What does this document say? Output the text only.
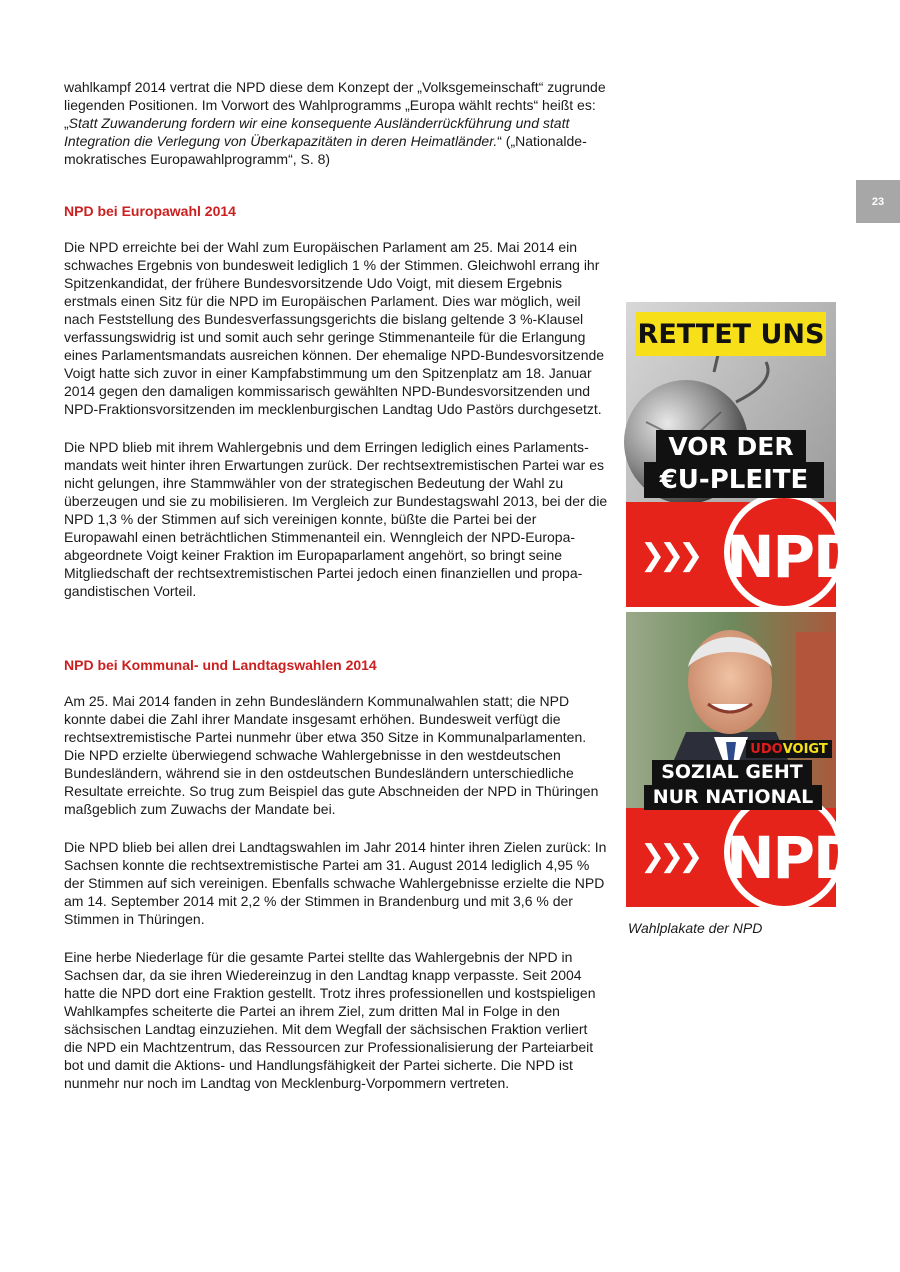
23

wahlkampf 2014 vertrat die NPD diese dem Konzept der „Volksgemeinschaft“ zugrunde liegenden Positionen. Im Vorwort des Wahlprogramms „Europa wählt rechts“ heißt es: „Statt Zuwanderung fordern wir eine konsequente Ausländerrückführung und statt Integration die Verlegung von Überkapazitäten in deren Heimatländer.“ („Nationaldemokratisches Europawahlprogramm“, S. 8)

NPD bei Europawahl 2014

Die NPD erreichte bei der Wahl zum Europäischen Parlament am 25. Mai 2014 ein schwaches Ergebnis von bundesweit lediglich 1 % der Stimmen. Gleichwohl errang ihr Spitzenkandidat, der frühere Bundesvorsitzende Udo Voigt, mit diesem Ergebnis erstmals einen Sitz für die NPD im Europäischen Parlament. Dies war möglich, weil nach Feststellung des Bundesverfassungsgerichts die bislang geltende 3 %-Klausel verfassungswidrig ist und somit auch sehr geringe Stimmenanteile für die Erlangung eines Parlamentsmandats ausreichen können. Der ehemalige NPD-Bundesvorsitzende Voigt hatte sich zuvor in einer Kampfabstimmung um den Spitzenplatz am 18. Januar 2014 gegen den damaligen kommissarisch gewählten NPD-Bundesvorsitzenden und NPD-Fraktionsvorsitzenden im mecklenburgischen Landtag Udo Pastörs durchgesetzt.

Die NPD blieb mit ihrem Wahlergebnis und dem Erringen lediglich eines Parlamentsmandats weit hinter ihren Erwartungen zurück. Der rechtsextremistischen Partei war es nicht gelungen, ihre Stammwähler von der strategischen Bedeutung der Wahl zu überzeugen und sie zu mobilisieren. Im Vergleich zur Bundestagswahl 2013, bei der die NPD 1,3 % der Stimmen auf sich vereinigen konnte, büßte die Partei bei der Europawahl einen beträchtlichen Stimmenanteil ein. Wenngleich der NPD-Europaabgeordnete Voigt keiner Fraktion im Europaparlament angehört, so bringt seine Mitgliedschaft der rechtsextremistischen Partei jedoch einen finanziellen und propagandistischen Vorteil.

NPD bei Kommunal- und Landtagswahlen 2014

Am 25. Mai 2014 fanden in zehn Bundesländern Kommunalwahlen statt; die NPD konnte dabei die Zahl ihrer Mandate insgesamt erhöhen. Bundesweit verfügt die rechtsextremistische Partei nunmehr über etwa 350 Sitze in Kommunalparlamenten. Die NPD erzielte überwiegend schwache Wahlergebnisse in den westdeutschen Bundesländern, während sie in den ostdeutschen Bundesländern unterschiedliche Resultate erreichte. So trug zum Beispiel das gute Abschneiden der NPD in Thüringen maßgeblich zum Zuwachs der Mandate bei.

Die NPD blieb bei allen drei Landtagswahlen im Jahr 2014 hinter ihren Zielen zurück: In Sachsen konnte die rechtsextremistische Partei am 31. August 2014 lediglich 4,95 % der Stimmen auf sich vereinigen. Ebenfalls schwache Wahlergebnisse erzielte die NPD am 14. September 2014 mit 2,2 % der Stimmen in Brandenburg und mit 3,6 % der Stimmen in Thüringen.

Eine herbe Niederlage für die gesamte Partei stellte das Wahlergebnis der NPD in Sachsen dar, da sie ihren Wiedereinzug in den Landtag knapp verpasste. Seit 2004 hatte die NPD dort eine Fraktion gestellt. Trotz ihres professionellen und kostspieligen Wahlkampfes scheiterte die Partei an ihrem Ziel, zum dritten Mal in Folge in den sächsischen Landtag einzuziehen. Mit dem Wegfall der sächsischen Fraktion verliert die NPD ein Machtzentrum, das Ressourcen zur Professionalisierung der Parteiarbeit bot und damit die Aktions- und Handlungsfähigkeit der Partei sicherte. Die NPD ist nunmehr nur noch im Landtag von Mecklenburg-Vorpommern vertreten.

RETTET UNS
VOR DER
€U-PLEITE
❯❯❯ NPD
UDO VOIGT
SOZIAL GEHT
NUR NATIONAL
❯❯❯ NPD
Wahlplakate der NPD
